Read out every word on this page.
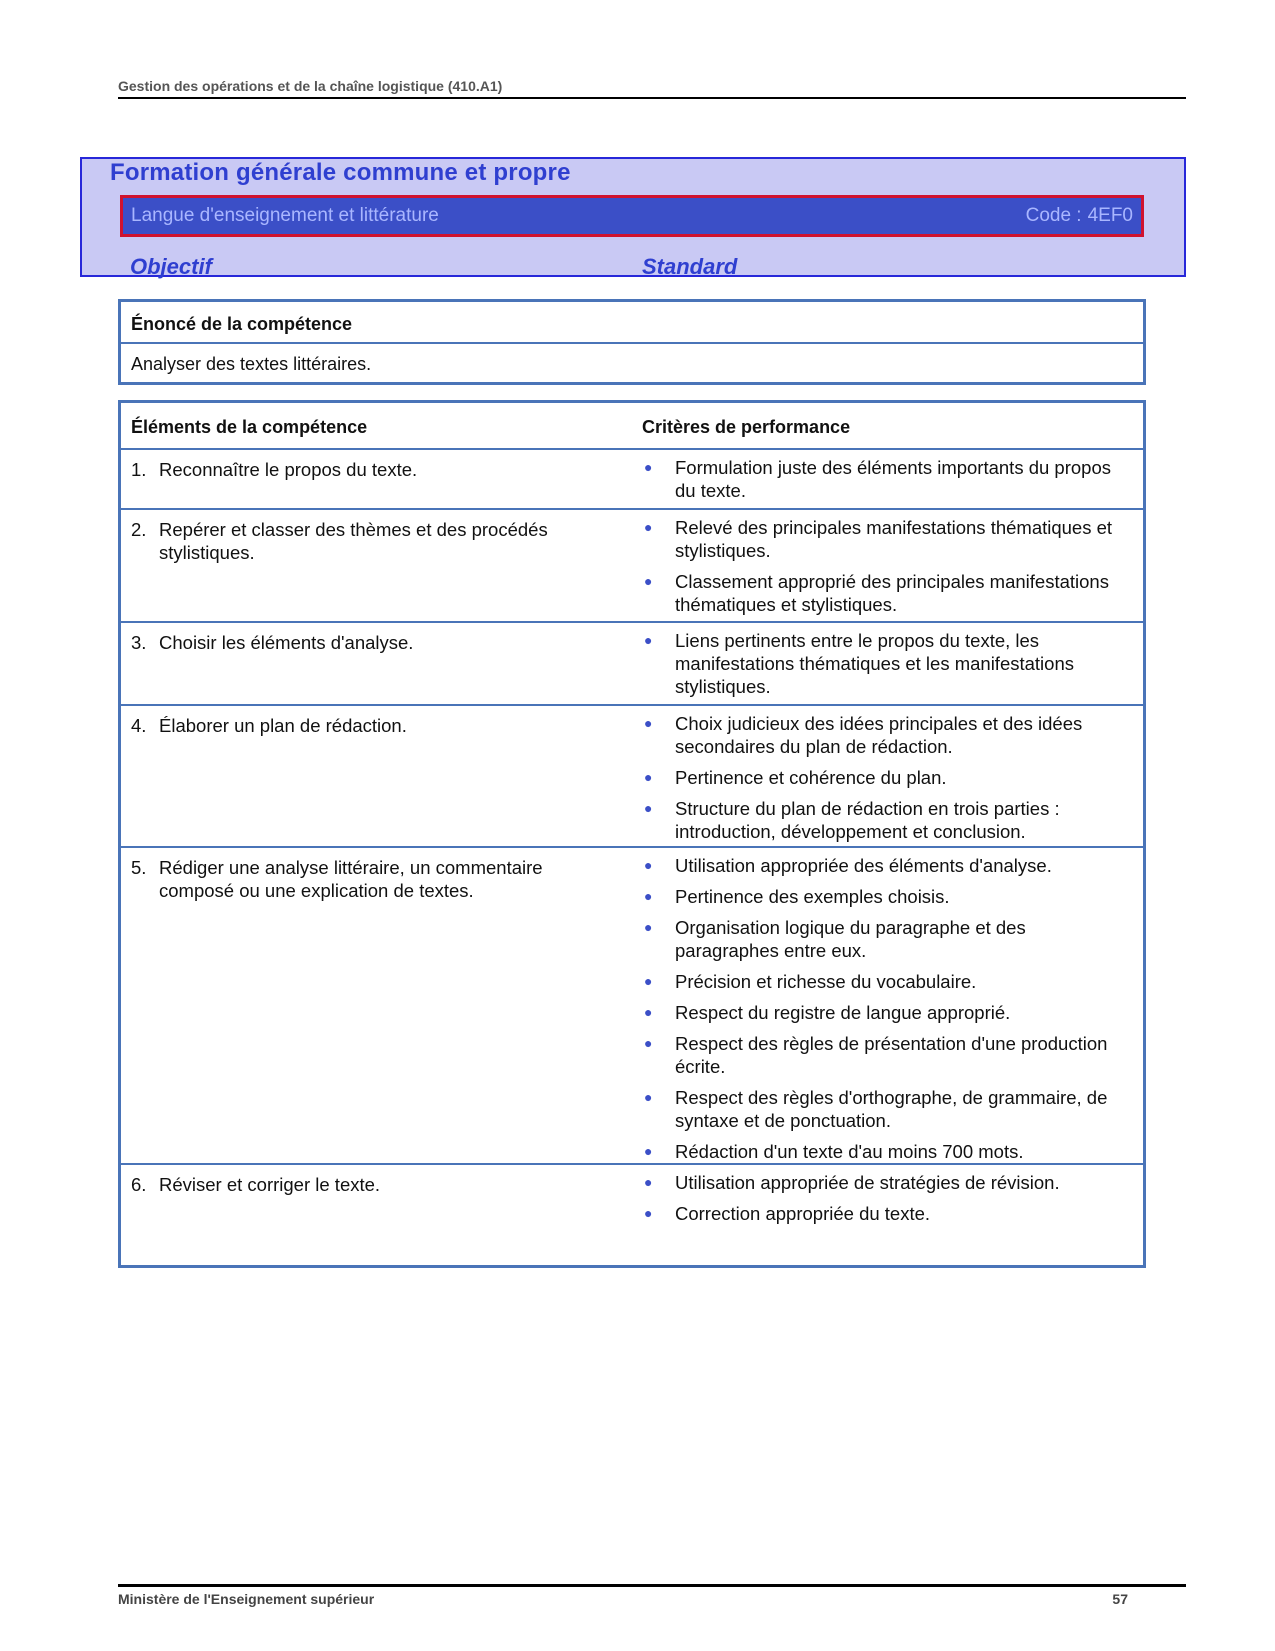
Gestion des opérations et de la chaîne logistique (410.A1)
Formation générale commune et propre
Langue d'enseignement et littérature	Code : 4EF0
Objectif	Standard
Énoncé de la compétence
Analyser des textes littéraires.
Éléments de la compétence	Critères de performance
1. Reconnaître le propos du texte.	●	Formulation juste des éléments importants du propos du texte.
2. Repérer et classer des thèmes et des procédés stylistiques.
●	Relevé des principales manifestations thématiques et stylistiques.
●	Classement approprié des principales manifestations thématiques et stylistiques.
3. Choisir les éléments d'analyse.	●	Liens pertinents entre le propos du texte, les manifestations thématiques et les manifestations stylistiques.
4. Élaborer un plan de rédaction.	●	Choix judicieux des idées principales et des idées secondaires du plan de rédaction.
●	Pertinence et cohérence du plan.
●	Structure du plan de rédaction en trois parties : introduction, développement et conclusion.
5. Rédiger une analyse littéraire, un commentaire composé ou une explication de textes.
●	Utilisation appropriée des éléments d'analyse.
●	Pertinence des exemples choisis.
●	Organisation logique du paragraphe et des paragraphes entre eux.
●	Précision et richesse du vocabulaire.
●	Respect du registre de langue approprié.
●	Respect des règles de présentation d'une production écrite.
●	Respect des règles d'orthographe, de grammaire, de syntaxe et de ponctuation.
●	Rédaction d'un texte d'au moins 700 mots.
6. Réviser et corriger le texte.	●	Utilisation appropriée de stratégies de révision.
●	Correction appropriée du texte.
Ministère de l'Enseignement supérieur	57
